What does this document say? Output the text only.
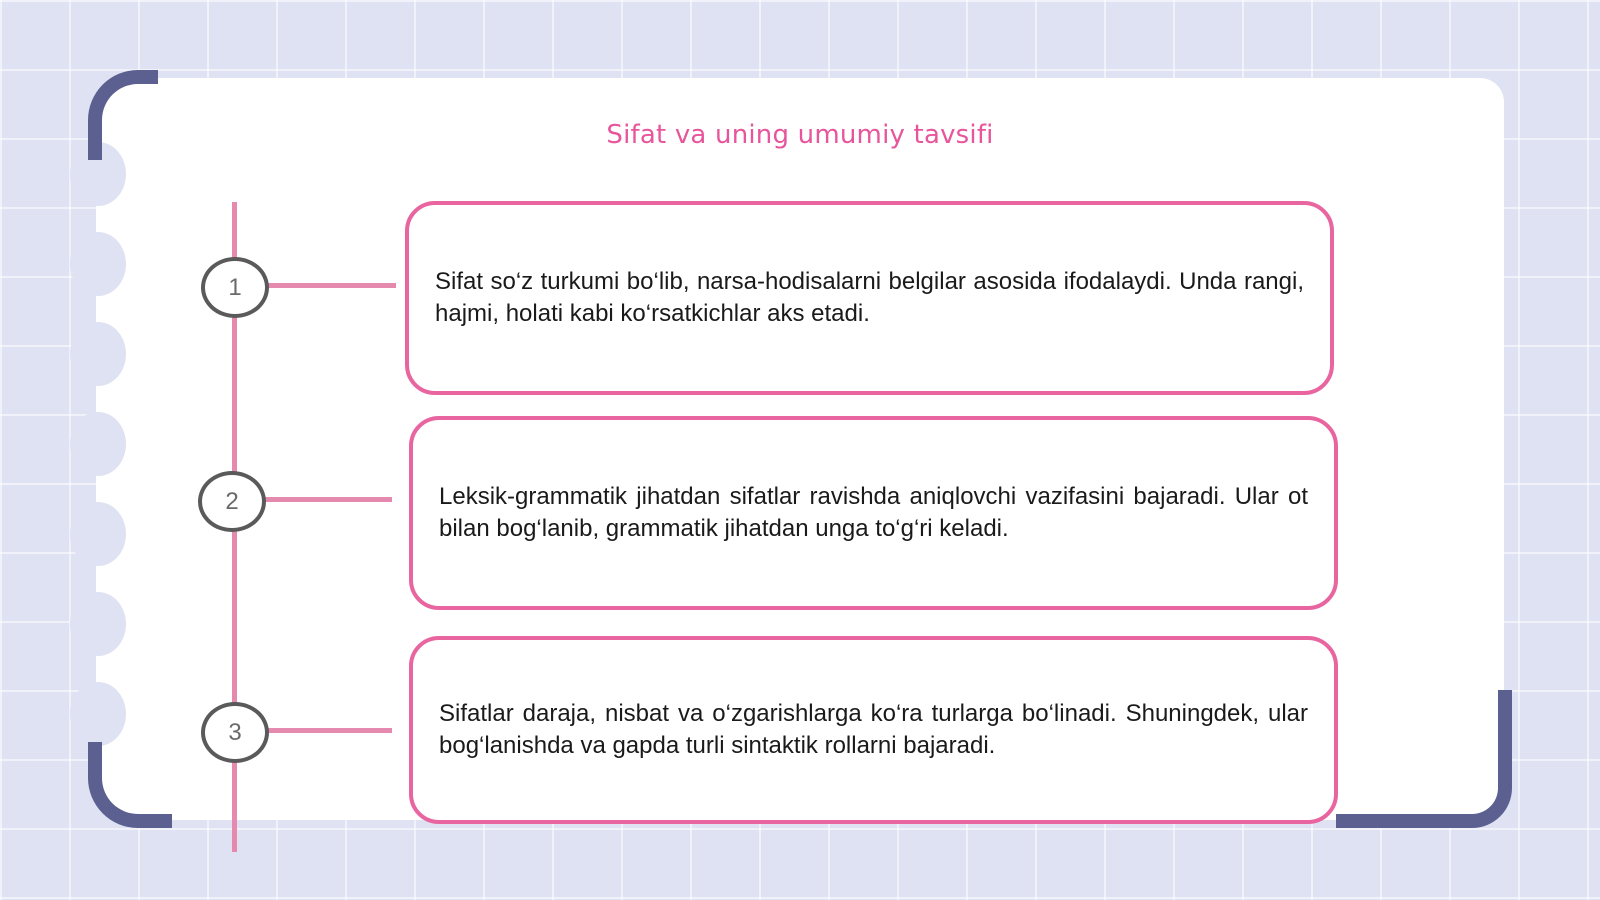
Sifat va uning umumiy tavsifi
1	Sifat so‘z turkumi bo‘lib, narsa-hodisalarni belgilar asosida ifodalaydi. Unda rangi, hajmi, holati kabi ko‘rsatkichlar aks etadi.
2	Leksik-grammatik jihatdan sifatlar ravishda aniqlovchi vazifasini bajaradi. Ular ot bilan bog‘lanib, grammatik jihatdan unga to‘g‘ri keladi.
3
Sifatlar daraja, nisbat va o‘zgarishlarga ko‘ra turlarga bo‘linadi. Shuningdek, ular bog‘lanishda va gapda turli sintaktik rollarni bajaradi.
